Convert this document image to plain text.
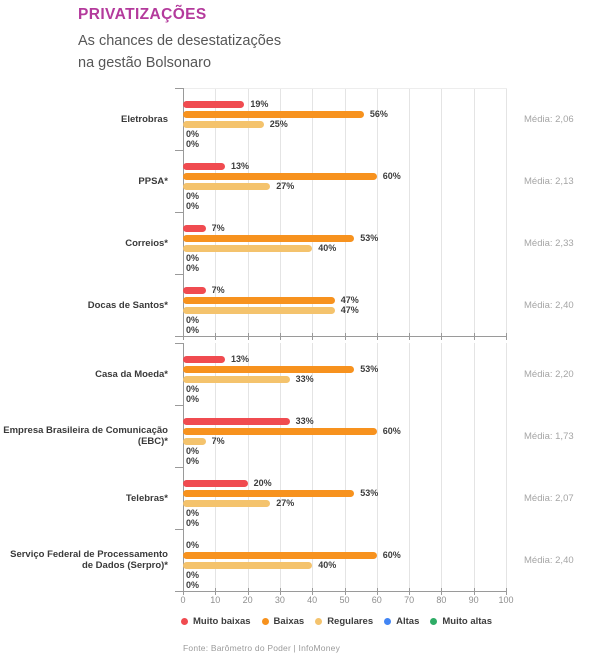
PRIVATIZAÇÕES
As chances de desestatizações
na gestão Bolsonaro
Eletrobras
19%
56%
25%
0%
0%
Média: 2,06
PPSA*
13%
60%
27%
0%
0%
Média: 2,13
Correios*
7%
53%
40%
0%
0%
Média: 2,33
Docas de Santos*
7%
47%
47%
0%
0%
Média: 2,40
Casa da Moeda*
13%
53%
33%
0%
0%
Média: 2,20
Empresa Brasileira de Comunicação (EBC)*
33%
60%
7%
0%
0%
Média: 1,73
Telebras*
20%
53%
27%
0%
0%
Média: 2,07
Serviço Federal de Processamento de Dados (Serpro)*
0%
60%
40%
0%
0%
Média: 2,40
0	10	20	30	40	50	60	70	80	90	100
Muito baixas Baixas Regulares Altas Muito altas
Fonte: Barômetro do Poder | InfoMoney
